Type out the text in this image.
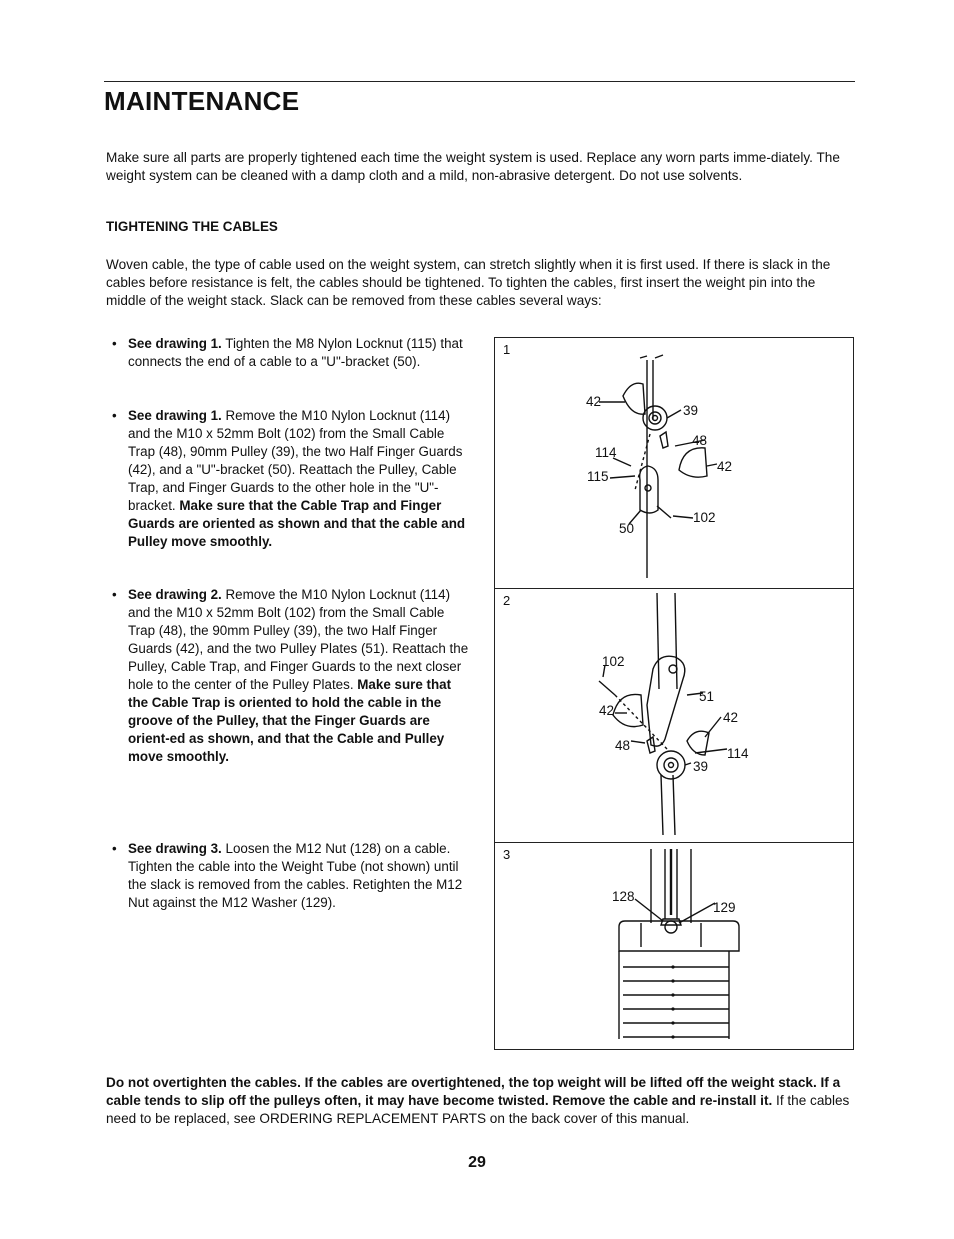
MAINTENANCE

Make sure all parts are properly tightened each time the weight system is used. Replace any worn parts imme-diately. The weight system can be cleaned with a damp cloth and a mild, non-abrasive detergent. Do not use solvents.

TIGHTENING THE CABLES

Woven cable, the type of cable used on the weight system, can stretch slightly when it is first used. If there is slack in the cables before resistance is felt, the cables should be tightened. To tighten the cables, first insert the weight pin into the middle of the weight stack. Slack can be removed from these cables several ways:

• See drawing 1. Tighten the M8 Nylon Locknut (115) that connects the end of a cable to a "U"-bracket (50).
• See drawing 1. Remove the M10 Nylon Locknut (114) and the M10 x 52mm Bolt (102) from the Small Cable Trap (48), 90mm Pulley (39), the two Half Finger Guards (42), and a "U"-bracket (50). Reattach the Pulley, Cable Trap, and Finger Guards to the other hole in the "U"-bracket. Make sure that the Cable Trap and Finger Guards are oriented as shown and that the cable and Pulley move smoothly.
• See drawing 2. Remove the M10 Nylon Locknut (114) and the M10 x 52mm Bolt (102) from the Small Cable Trap (48), the 90mm Pulley (39), the two Half Finger Guards (42), and the two Pulley Plates (51). Reattach the Pulley, Cable Trap, and Finger Guards to the next closer hole to the center of the Pulley Plates. Make sure that the Cable Trap is oriented to hold the cable in the groove of the Pulley, that the Finger Guards are orient-ed as shown, and that the Cable and Pulley move smoothly.
• See drawing 3. Loosen the M12 Nut (128) on a cable. Tighten the cable into the Weight Tube (not shown) until the slack is removed from the cables. Retighten the M12 Nut against the M12 Washer (129).
1
42
39
48
114
115
42
50
102
2
102
51
42	42
48
114
39
3
128
129

Do not overtighten the cables. If the cables are overtightened, the top weight will be lifted off the weight stack. If a cable tends to slip off the pulleys often, it may have become twisted. Remove the cable and re-install it. If the cables need to be replaced, see ORDERING REPLACEMENT PARTS on the back cover of this manual.

29
